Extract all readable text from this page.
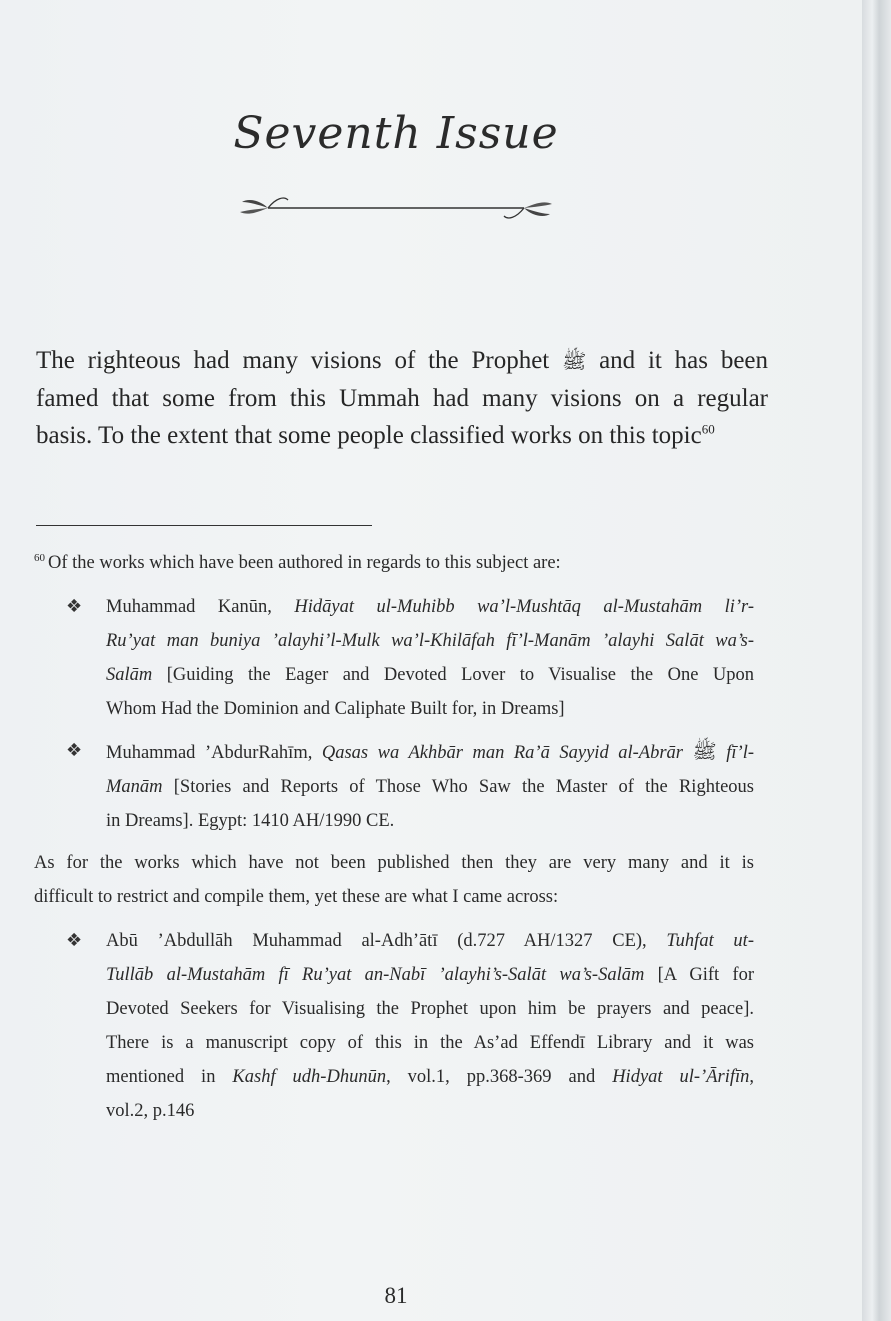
Seventh Issue
The righteous had many visions of the Prophet ﷺ and it has been
famed that some from this Ummah had many visions on a regular
basis. To the extent that some people classified works on this topic$^{60}$

$^{60}$ Of the works which have been authored in regards to this subject are:

❖ Muhammad Kanūn, Hidāyat ul-Muhibb wa’l-Mushtāq al-Mustahām li’r-
Ru’yat man buniya ’alayhi’l-Mulk wa’l-Khilāfah fī’l-Manām ’alayhi Salāt wa’s-
Salām [Guiding the Eager and Devoted Lover to Visualise the One Upon
Whom Had the Dominion and Caliphate Built for, in Dreams]
❖ Muhammad ’AbdurRahīm, Qasas wa Akhbār man Ra’ā Sayyid al-Abrār ﷺ fī’l-
Manām [Stories and Reports of Those Who Saw the Master of the Righteous
in Dreams]. Egypt: 1410 AH/1990 CE.
As for the works which have not been published then they are very many and it is
difficult to restrict and compile them, yet these are what I came across:
❖ Abū ’Abdullāh Muhammad al-Adh’ātī (d.727 AH/1327 CE), Tuhfat ut-
Tullāb al-Mustahām fī Ru’yat an-Nabī ’alayhi’s-Salāt wa’s-Salām [A Gift for
Devoted Seekers for Visualising the Prophet upon him be prayers and peace].
There is a manuscript copy of this in the As’ad Effendī Library and it was
mentioned in Kashf udh-Dhunūn, vol.1, pp.368-369 and Hidyat ul-’Ārifīn,
vol.2, p.146
81
